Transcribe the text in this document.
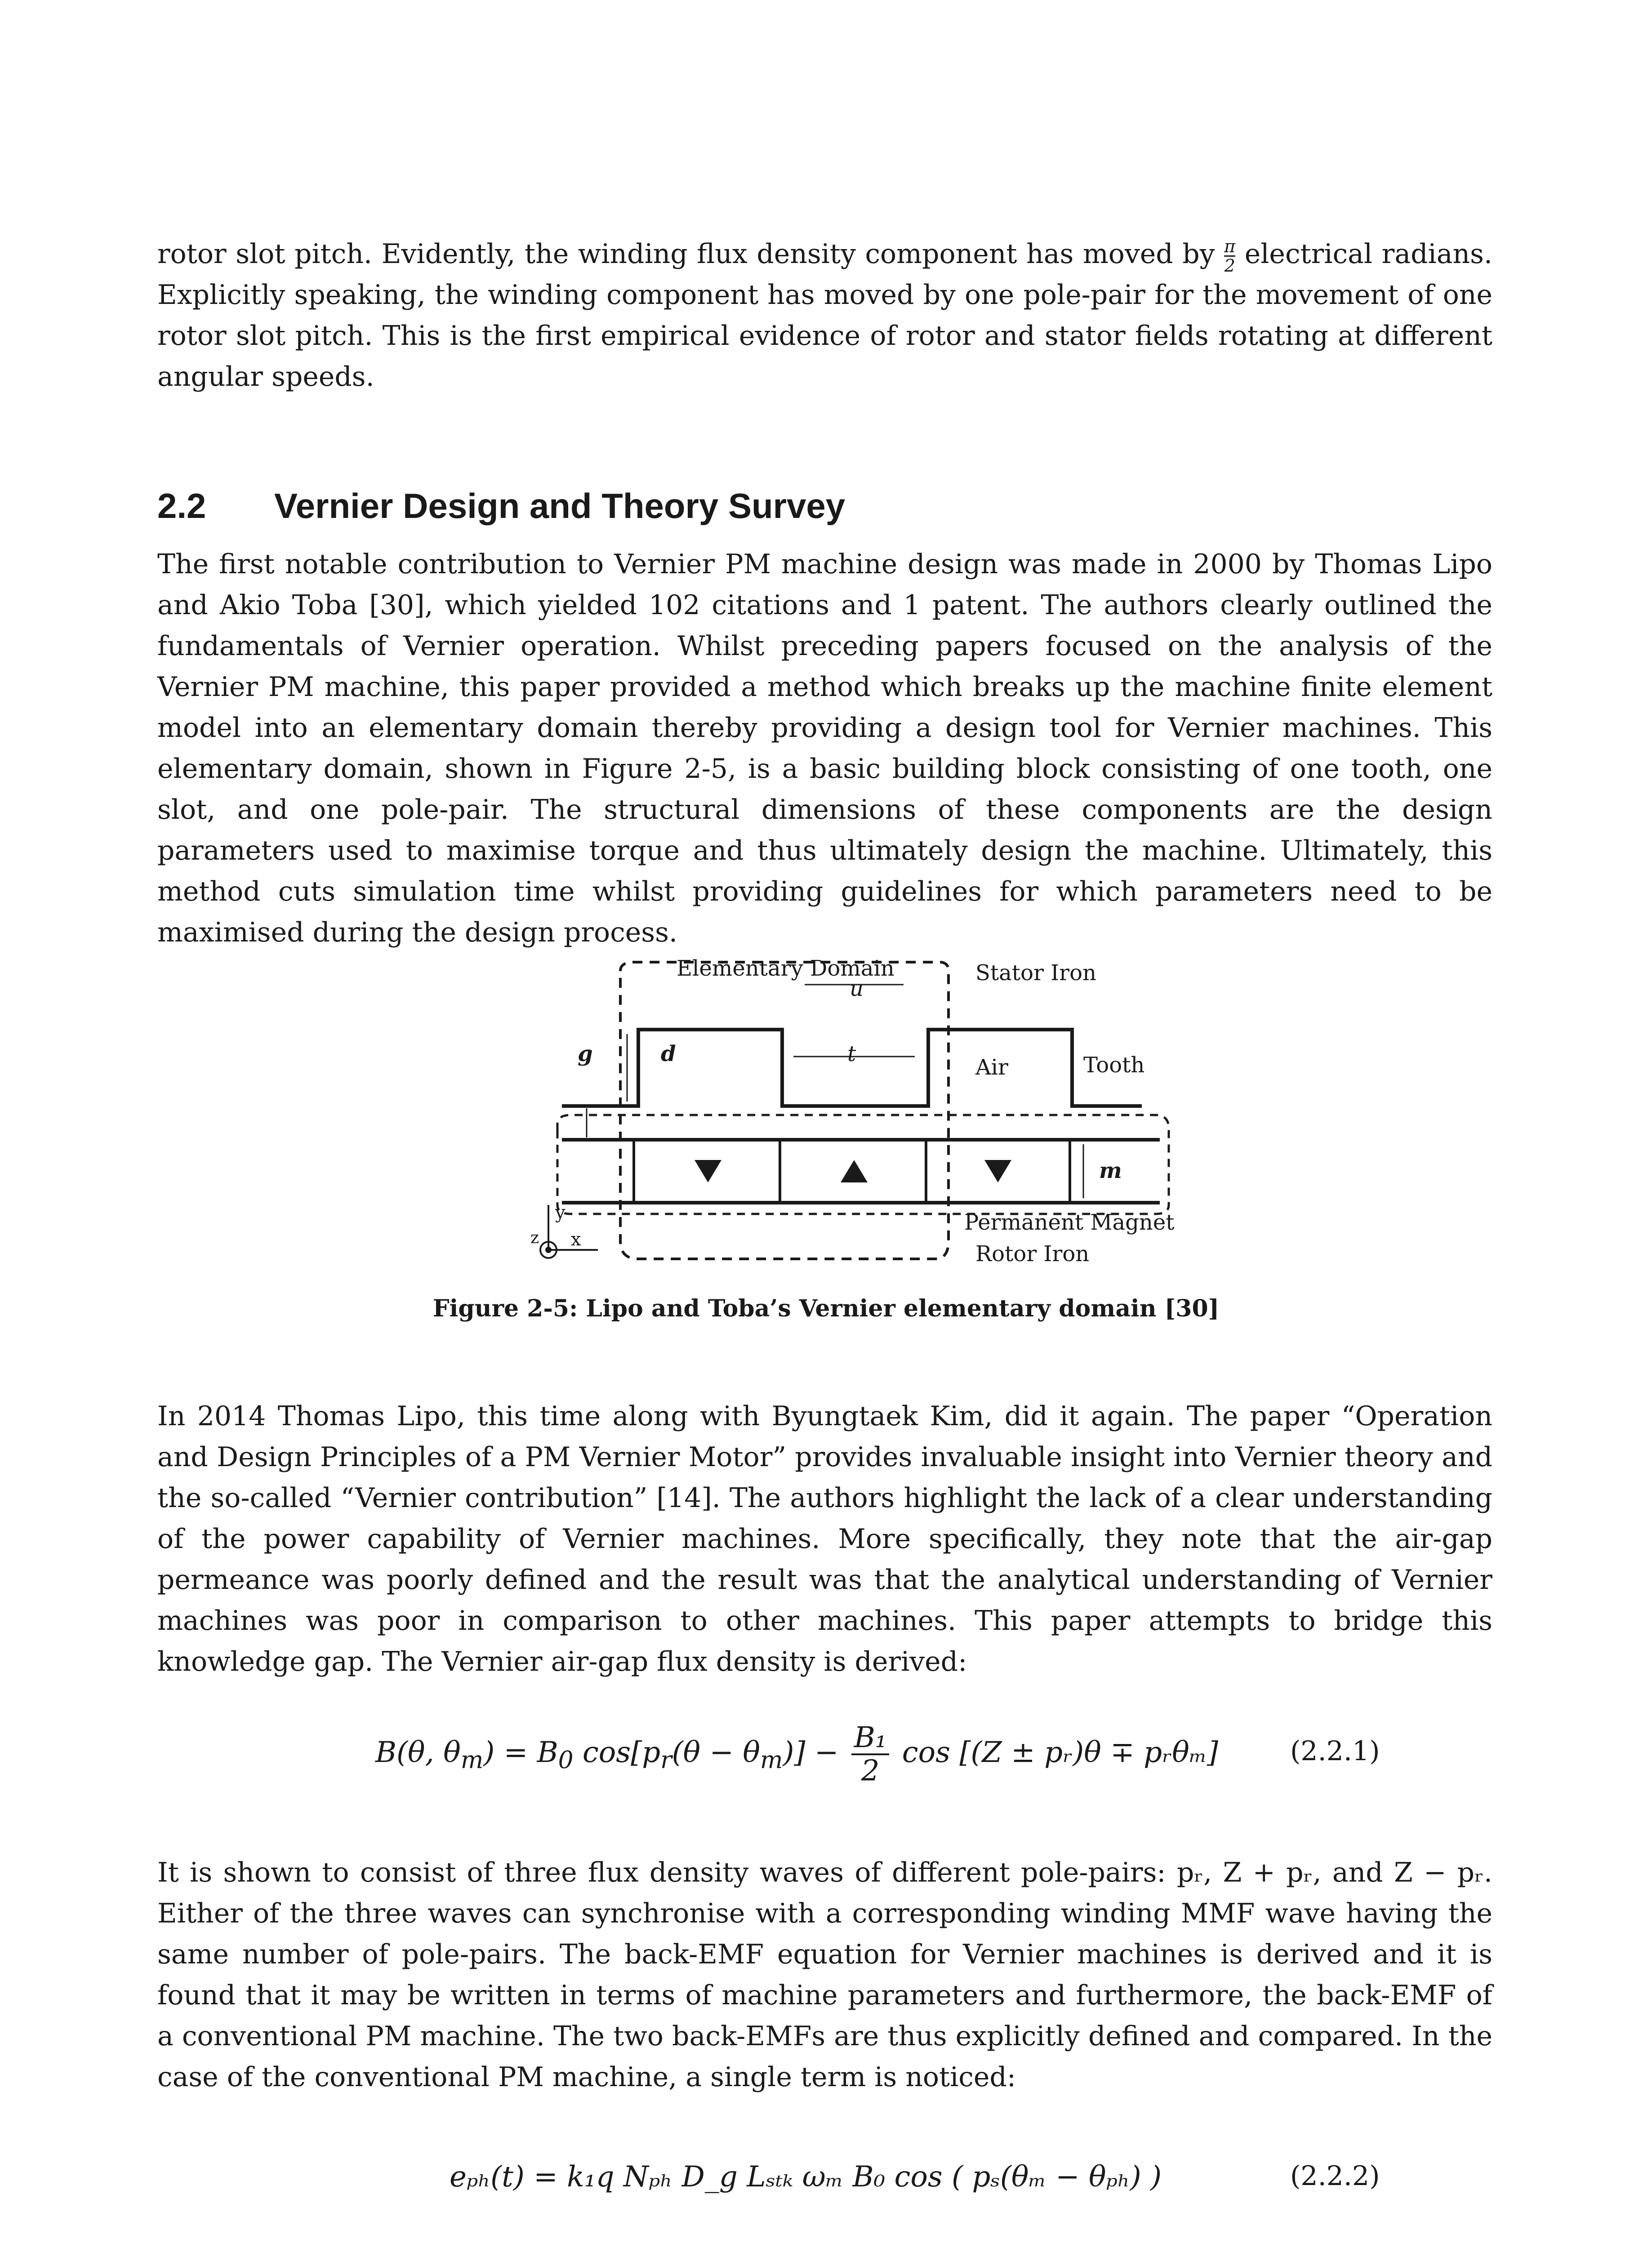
rotor slot pitch. Evidently, the winding flux density component has moved by $\frac{\pi}{2}$ electrical radians. Explicitly speaking, the winding component has moved by one pole-pair for the movement of one rotor slot pitch. This is the first empirical evidence of rotor and stator fields rotating at different angular speeds.
2.2 Vernier Design and Theory Survey

The first notable contribution to Vernier PM machine design was made in 2000 by Thomas Lipo and Akio Toba [30], which yielded 102 citations and 1 patent. The authors clearly outlined the fundamentals of Vernier operation. Whilst preceding papers focused on the analysis of the Vernier PM machine, this paper provided a method which breaks up the machine finite element model into an elementary domain thereby providing a design tool for Vernier machines. This elementary domain, shown in Figure 2-5, is a basic building block consisting of one tooth, one slot, and one pole-pair. The structural dimensions of these components are the design parameters used to maximise torque and thus ultimately design the machine. Ultimately, this method cuts simulation time whilst providing guidelines for which parameters need to be maximised during the design process.

Elementary Domain	Stator Iron
u
g	d	t
Air	Tooth
m
y
x
z
Permanent Magnet
Rotor Iron
Figure 2-5: Lipo and Toba’s Vernier elementary domain [30]

In 2014 Thomas Lipo, this time along with Byungtaek Kim, did it again. The paper “Operation and Design Principles of a PM Vernier Motor” provides invaluable insight into Vernier theory and the so-called “Vernier contribution” [14]. The authors highlight the lack of a clear understanding of the power capability of Vernier machines. More specifically, they note that the air-gap permeance was poorly defined and the result was that the analytical understanding of Vernier machines was poor in comparison to other machines. This paper attempts to bridge this knowledge gap. The Vernier air-gap flux density is derived:

B(θ, $\theta_m) = B_0$ $\cos[p_r(\theta - \theta_m)] - \frac{\text{B₁}}{2}$ cos [(Z ± pᵣ)θ ∓ pᵣθₘ]	(2.2.1)

It is shown to consist of three flux density waves of different pole-pairs: pᵣ, Z + pᵣ, and Z − pᵣ. Either of the three waves can synchronise with a corresponding winding MMF wave having the same number of pole-pairs. The back-EMF equation for Vernier machines is derived and it is found that it may be written in terms of machine parameters and furthermore, the back-EMF of a conventional PM machine. The two back-EMFs are thus explicitly defined and compared. In the case of the conventional PM machine, a single term is noticed:

eₚₕ(t) = k₁q Nₚₕ D_g Lₛₜₖ ωₘ B₀ cos ( pₛ(θₘ − θₚₕ) )	(2.2.2)
